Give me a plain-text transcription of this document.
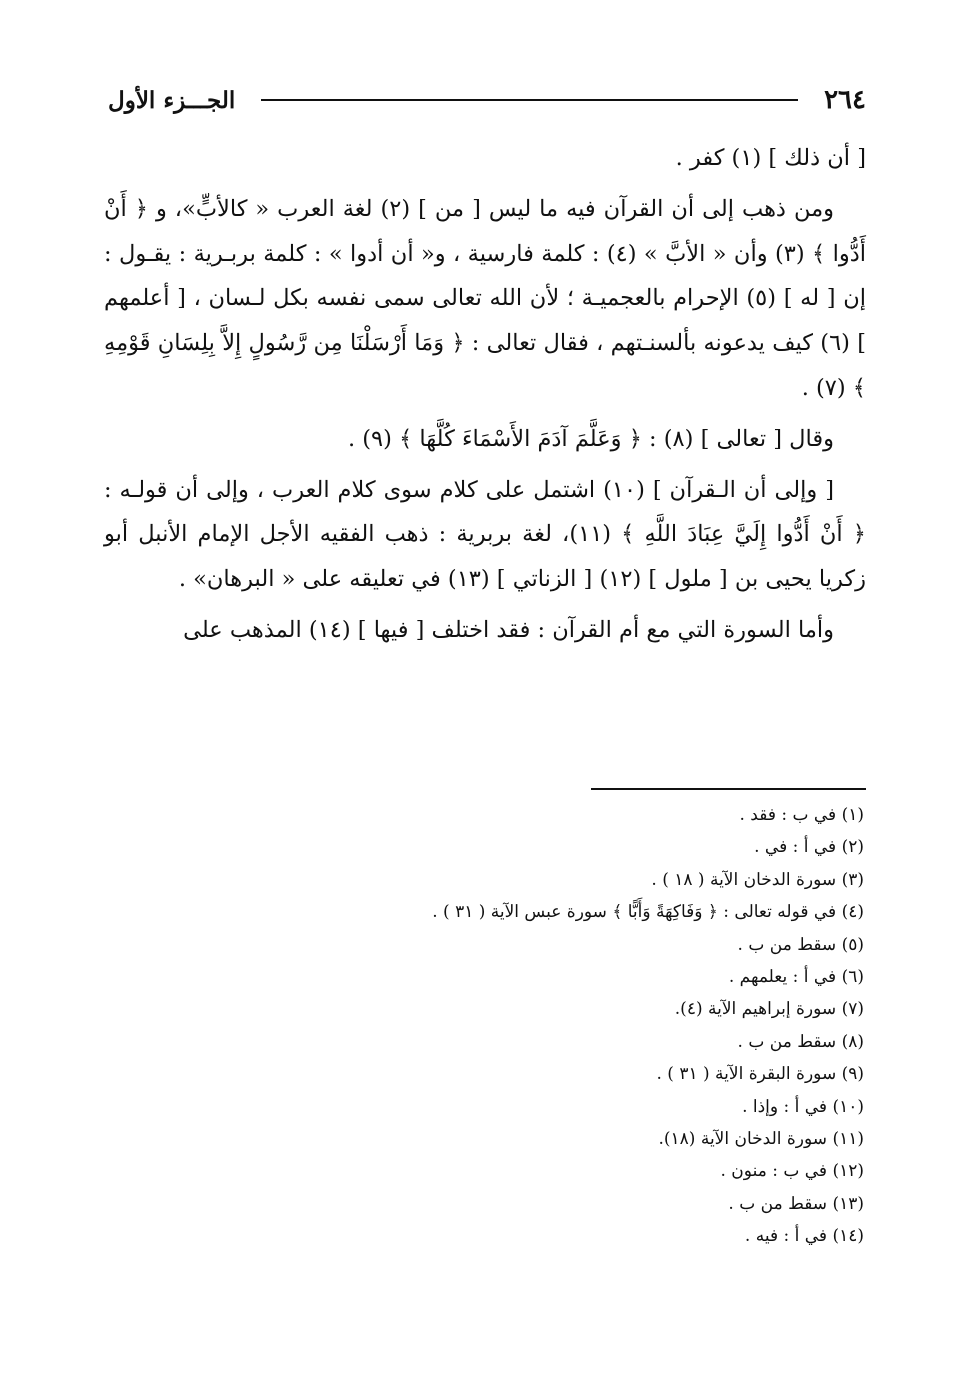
٢٦٤
الجـــزء الأول

[ أن ذلك ] (١) كفر .

ومن ذهب إلى أن القرآن فيه ما ليس [ من ] (٢) لغة العرب « كالأبٍّ»، و ﴿ أَنْ أَدُّوا ﴾ (٣) وأن « الأبَّ » (٤) : كلمة فارسية ، و« أن أدوا » : كلمة بربـرية : يقـول : إن [ له ] (٥) الإحرام بالعجميـة ؛ لأن الله تعالى سمى نفسه بكل لـسان ، [ أعلمهم ] (٦) كيف يدعونه بألسنـتهم ، فقال تعالى : ﴿ وَمَا أَرْسَلْنَا مِن رَّسُولٍ إِلاَّ بِلِسَانِ قَوْمِهِ ﴾ (٧) .

وقال [ تعالى ] (٨) : ﴿ وَعَلَّمَ آدَمَ الأَسْمَاءَ كُلَّهَا ﴾ (٩) .

[ وإلى أن الـقرآن ] (١٠) اشتمل على كلام سوى كلام العرب ، وإلى أن قولـه : ﴿ أَنْ أَدُّوا إِلَيَّ عِبَادَ اللَّهِ ﴾ (١١)، لغة بربرية : ذهب الفقيه الأجل الإمام الأنبل أبو زكريا يحيى بن [ ملول ] (١٢) [ الزناتي ] (١٣) في تعليقه على « البرهان» .

وأما السورة التي مع أم القرآن : فقد اختلف [ فيها ] (١٤) المذهب على

(١) في ب : فقد .
(٢) في أ : في .
(٣) سورة الدخان الآية ( ١٨ ) .
(٤) في قوله تعالى : ﴿ وَفَاكِهَةً وَأَبًّا ﴾ سورة عبس الآية ( ٣١ ) .
(٥) سقط من ب .
(٦) في أ : يعلمهم .
(٧) سورة إبراهيم الآية (٤).
(٨) سقط من ب .
(٩) سورة البقرة الآية ( ٣١ ) .
(١٠) في أ : وإذا .
(١١) سورة الدخان الآية (١٨).
(١٢) في ب : منون .
(١٣) سقط من ب .
(١٤) في أ : فيه .
